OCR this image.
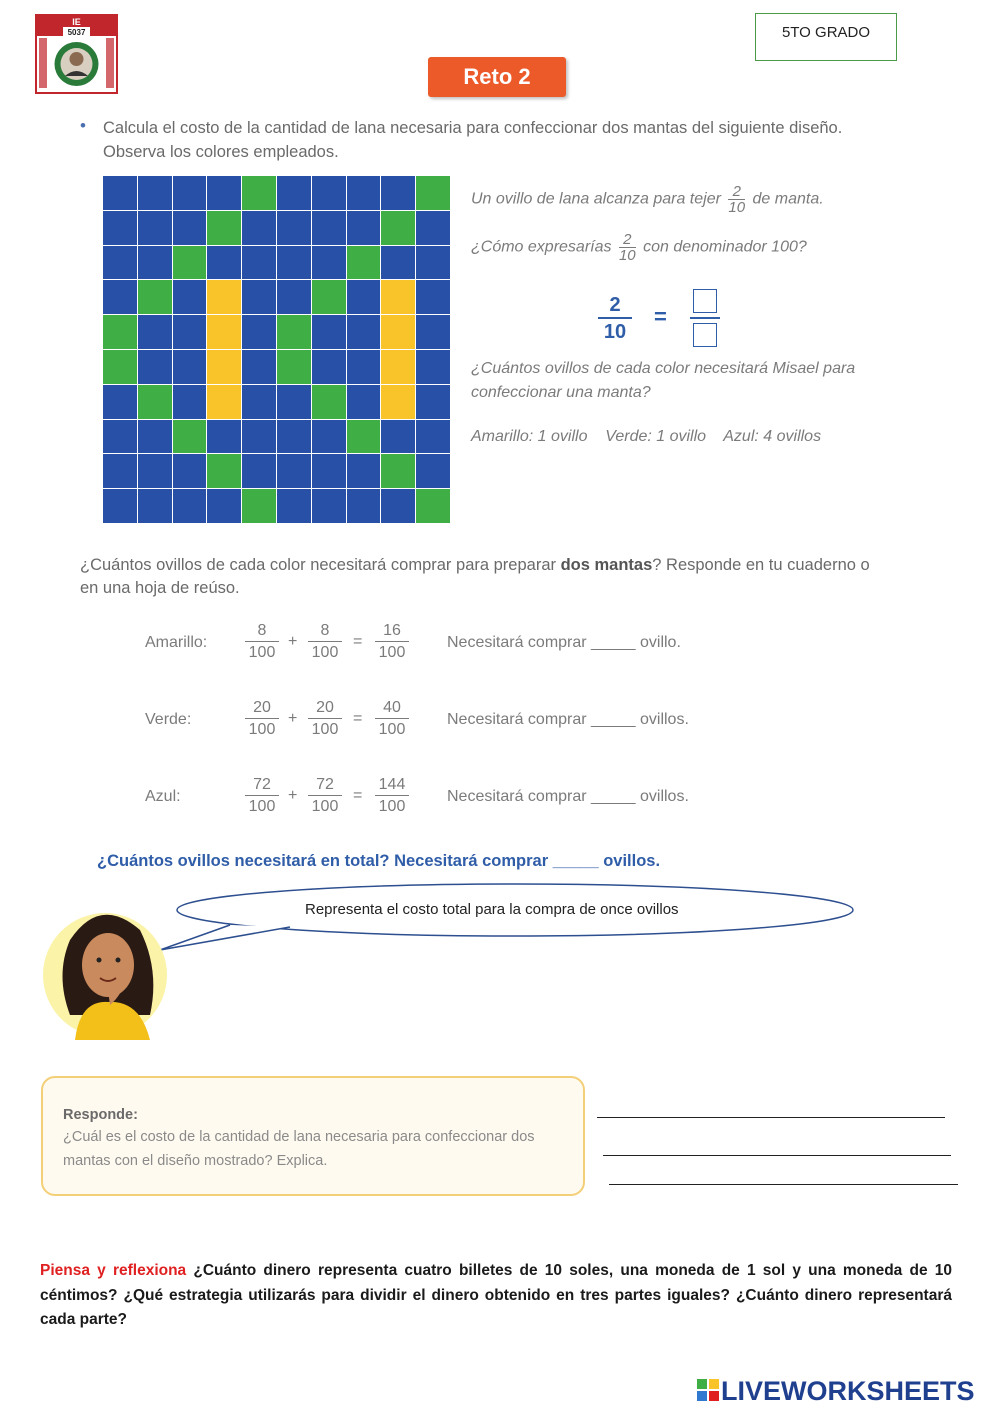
IE
5037	5TO GRADO
Reto 2
• Calcula el costo de la cantidad de lana necesaria para confeccionar dos mantas del siguiente diseño. Observa los colores empleados.
Un ovillo de lana alcanza para tejer $\frac{2}{10}$ de manta.
¿Cómo expresarías $\frac{2}{10}$ con denominador 100?
$\frac{2}{10}$ =
¿Cuántos ovillos de cada color necesitará Misael para confeccionar una manta?
Amarillo: 1 ovillo    Verde: 1 ovillo    Azul: 4 ovillos
¿Cuántos ovillos de cada color necesitará comprar para preparar dos mantas? Responde en tu cuaderno o en una hoja de reúso.
Amarillo:
8
100
+
8
100
=
16
100
Necesitará comprar _____ ovillo.
Verde:
20
100
+
20
100
=
40
100
Necesitará comprar _____ ovillos.
Azul:
72
100
+
72
100
=
144
100
Necesitará comprar _____ ovillos.
¿Cuántos ovillos necesitará en total? Necesitará comprar _____ ovillos.
Representa el costo total para la compra de once ovillos
Responde:
¿Cuál es el costo de la cantidad de lana necesaria para confeccionar dos mantas con el diseño mostrado? Explica.
Piensa y reflexiona ¿Cuánto dinero representa cuatro billetes de 10 soles, una moneda de 1 sol y una moneda de 10 céntimos? ¿Qué estrategia utilizarás para dividir el dinero obtenido en tres partes iguales? ¿Cuánto dinero representará cada parte?
LIVEWORKSHEETS
